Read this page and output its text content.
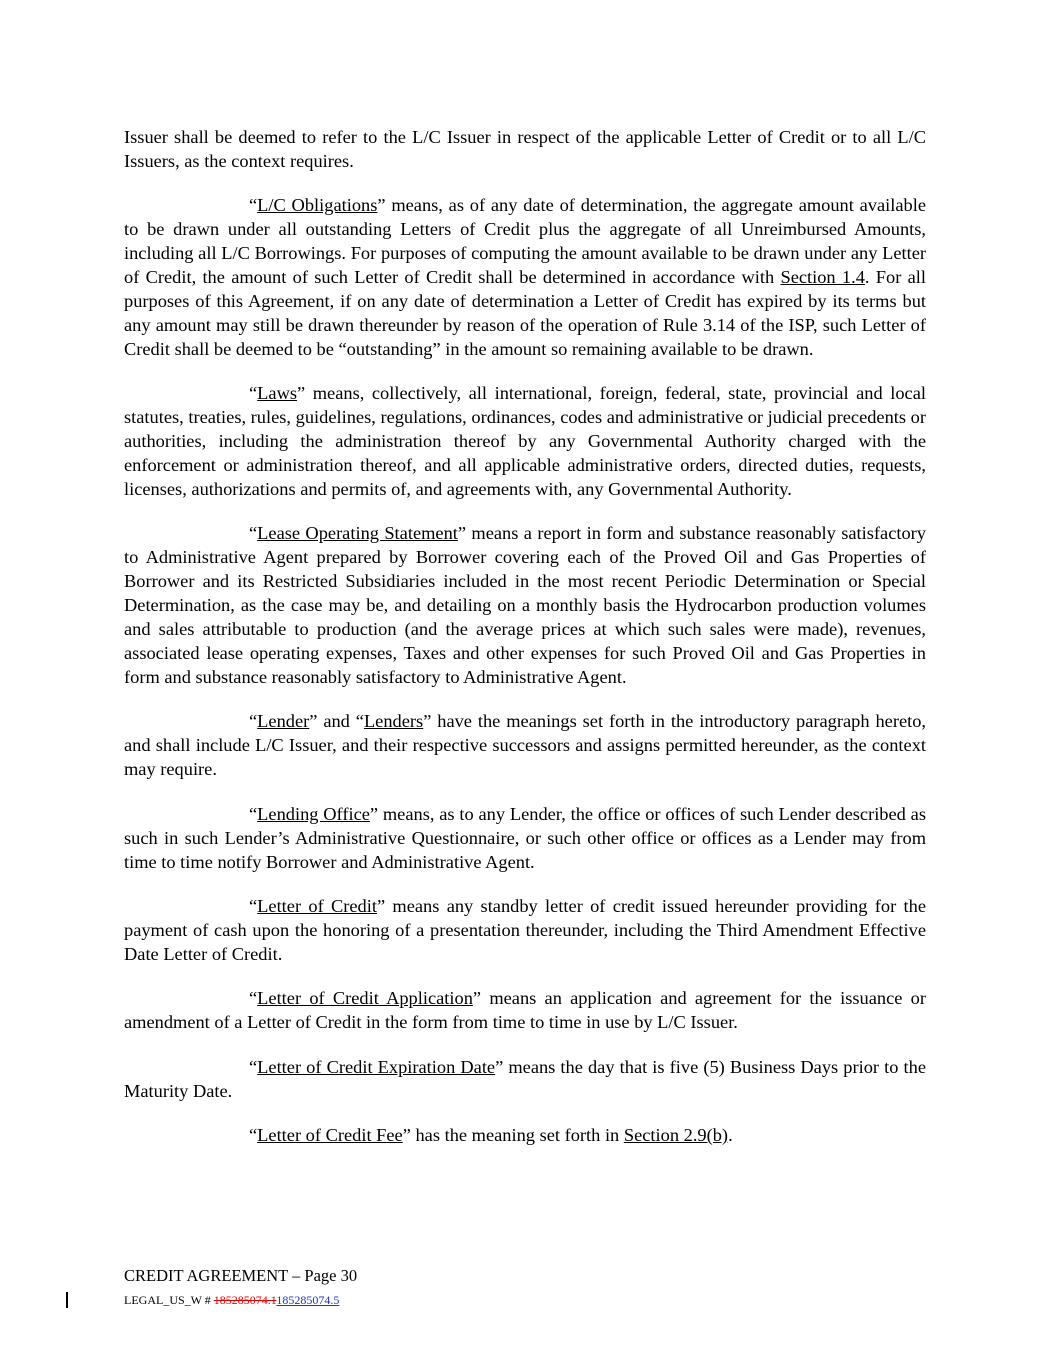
Issuer shall be deemed to refer to the L/C Issuer in respect of the applicable Letter of Credit or to all L/C Issuers, as the context requires.

“L/C Obligations” means, as of any date of determination, the aggregate amount available to be drawn under all outstanding Letters of Credit plus the aggregate of all Unreimbursed Amounts, including all L/C Borrowings. For purposes of computing the amount available to be drawn under any Letter of Credit, the amount of such Letter of Credit shall be determined in accordance with Section 1.4. For all purposes of this Agreement, if on any date of determination a Letter of Credit has expired by its terms but any amount may still be drawn thereunder by reason of the operation of Rule 3.14 of the ISP, such Letter of Credit shall be deemed to be “outstanding” in the amount so remaining available to be drawn.

“Laws” means, collectively, all international, foreign, federal, state, provincial and local statutes, treaties, rules, guidelines, regulations, ordinances, codes and administrative or judicial precedents or authorities, including the administration thereof by any Governmental Authority charged with the enforcement or administration thereof, and all applicable administrative orders, directed duties, requests, licenses, authorizations and permits of, and agreements with, any Governmental Authority.

“Lease Operating Statement” means a report in form and substance reasonably satisfactory to Administrative Agent prepared by Borrower covering each of the Proved Oil and Gas Properties of Borrower and its Restricted Subsidiaries included in the most recent Periodic Determination or Special Determination, as the case may be, and detailing on a monthly basis the Hydrocarbon production volumes and sales attributable to production (and the average prices at which such sales were made), revenues, associated lease operating expenses, Taxes and other expenses for such Proved Oil and Gas Properties in form and substance reasonably satisfactory to Administrative Agent.

“Lender” and “Lenders” have the meanings set forth in the introductory paragraph hereto, and shall include L/C Issuer, and their respective successors and assigns permitted hereunder, as the context may require.

“Lending Office” means, as to any Lender, the office or offices of such Lender described as such in such Lender’s Administrative Questionnaire, or such other office or offices as a Lender may from time to time notify Borrower and Administrative Agent.

“Letter of Credit” means any standby letter of credit issued hereunder providing for the payment of cash upon the honoring of a presentation thereunder, including the Third Amendment Effective Date Letter of Credit.

“Letter of Credit Application” means an application and agreement for the issuance or amendment of a Letter of Credit in the form from time to time in use by L/C Issuer.

“Letter of Credit Expiration Date” means the day that is five (5) Business Days prior to the Maturity Date.

“Letter of Credit Fee” has the meaning set forth in Section 2.9(b).

CREDIT AGREEMENT – Page 30
LEGAL_US_W # 185285074.1185285074.5
